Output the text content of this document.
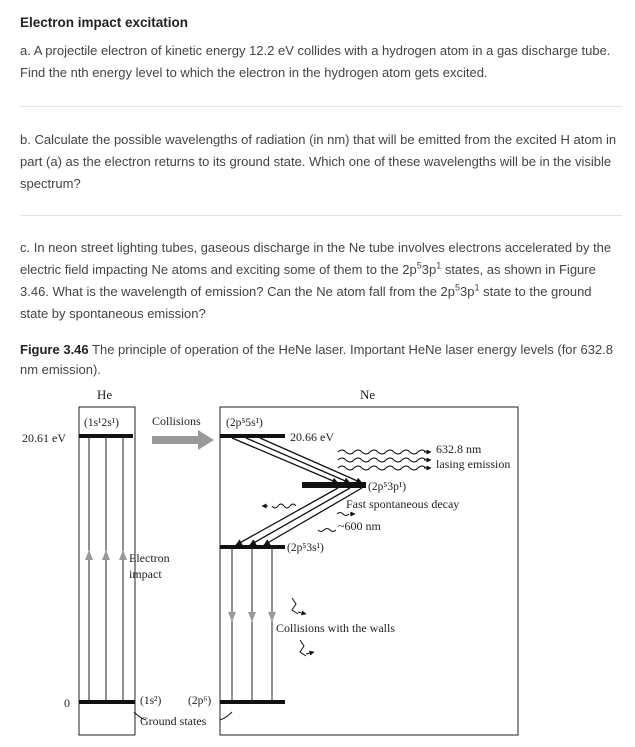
Electron impact excitation
a. A projectile electron of kinetic energy 12.2 eV collides with a hydrogen atom in a gas discharge tube. Find the nth energy level to which the electron in the hydrogen atom gets excited.
b. Calculate the possible wavelengths of radiation (in nm) that will be emitted from the excited H atom in part (a) as the electron returns to its ground state. Which one of these wavelengths will be in the visible spectrum?
c. In neon street lighting tubes, gaseous discharge in the Ne tube involves electrons accelerated by the electric field impacting Ne atoms and exciting some of them to the $2p^53p^1$ states, as shown in Figure 3.46. What is the wavelength of emission? Can the Ne atom fall from the $2p^53p^1$ state to the ground state by spontaneous emission?
Figure 3.46 The principle of operation of the HeNe laser. Important HeNe laser energy levels (for 632.8 nm emission).
He	Ne
20.61 eV
(1s¹2s¹)
0
Electron
impact
Collisions (2p⁵5s¹)
20.66 eV
(2p⁵3p¹)
(2p⁵3s¹)
632.8 nm
lasing emission
Fast spontaneous decay
~600 nm
Collisions with the walls
(1s²) (2p⁶)
Ground states
